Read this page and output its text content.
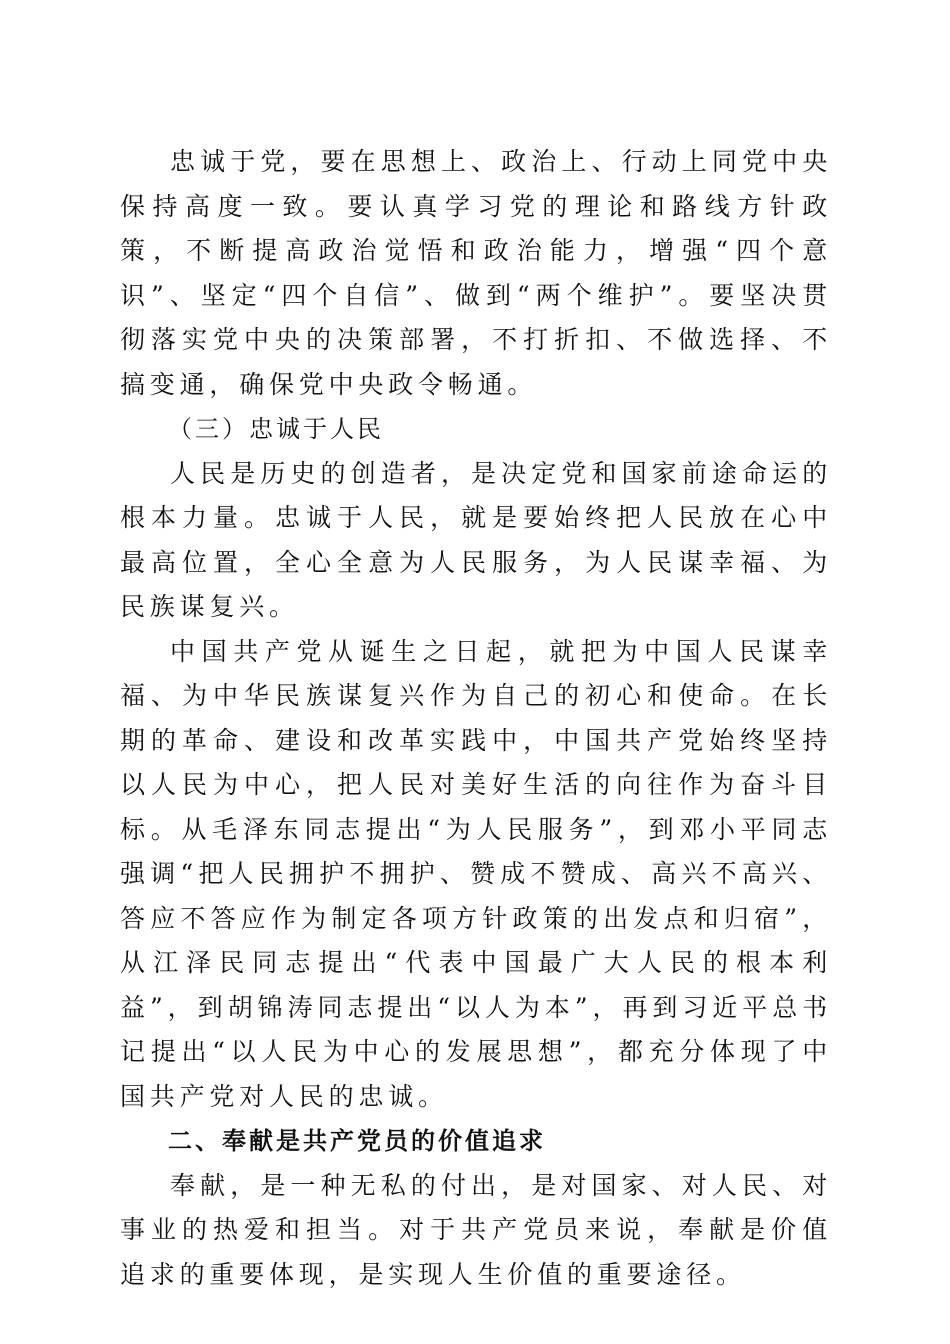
忠诚于党，要在思想上、政治上、行动上同党中央保持高度一致。要认真学习党的理论和路线方针政策，不断提高政治觉悟和政治能力，增强“四个意识”、坚定“四个自信”、做到“两个维护”。要坚决贯彻落实党中央的决策部署，不打折扣、不做选择、不搞变通，确保党中央政令畅通。

（三）忠诚于人民

人民是历史的创造者，是决定党和国家前途命运的根本力量。忠诚于人民，就是要始终把人民放在心中最高位置，全心全意为人民服务，为人民谋幸福、为民族谋复兴。

中国共产党从诞生之日起，就把为中国人民谋幸福、为中华民族谋复兴作为自己的初心和使命。在长期的革命、建设和改革实践中，中国共产党始终坚持以人民为中心，把人民对美好生活的向往作为奋斗目标。从毛泽东同志提出“为人民服务”，到邓小平同志强调“把人民拥护不拥护、赞成不赞成、高兴不高兴、答应不答应作为制定各项方针政策的出发点和归宿”，从江泽民同志提出“代表中国最广大人民的根本利益”，到胡锦涛同志提出“以人为本”，再到习近平总书记提出“以人民为中心的发展思想”，都充分体现了中国共产党对人民的忠诚。

二、奉献是共产党员的价值追求

奉献，是一种无私的付出，是对国家、对人民、对事业的热爱和担当。对于共产党员来说，奉献是价值追求的重要体现，是实现人生价值的重要途径。
